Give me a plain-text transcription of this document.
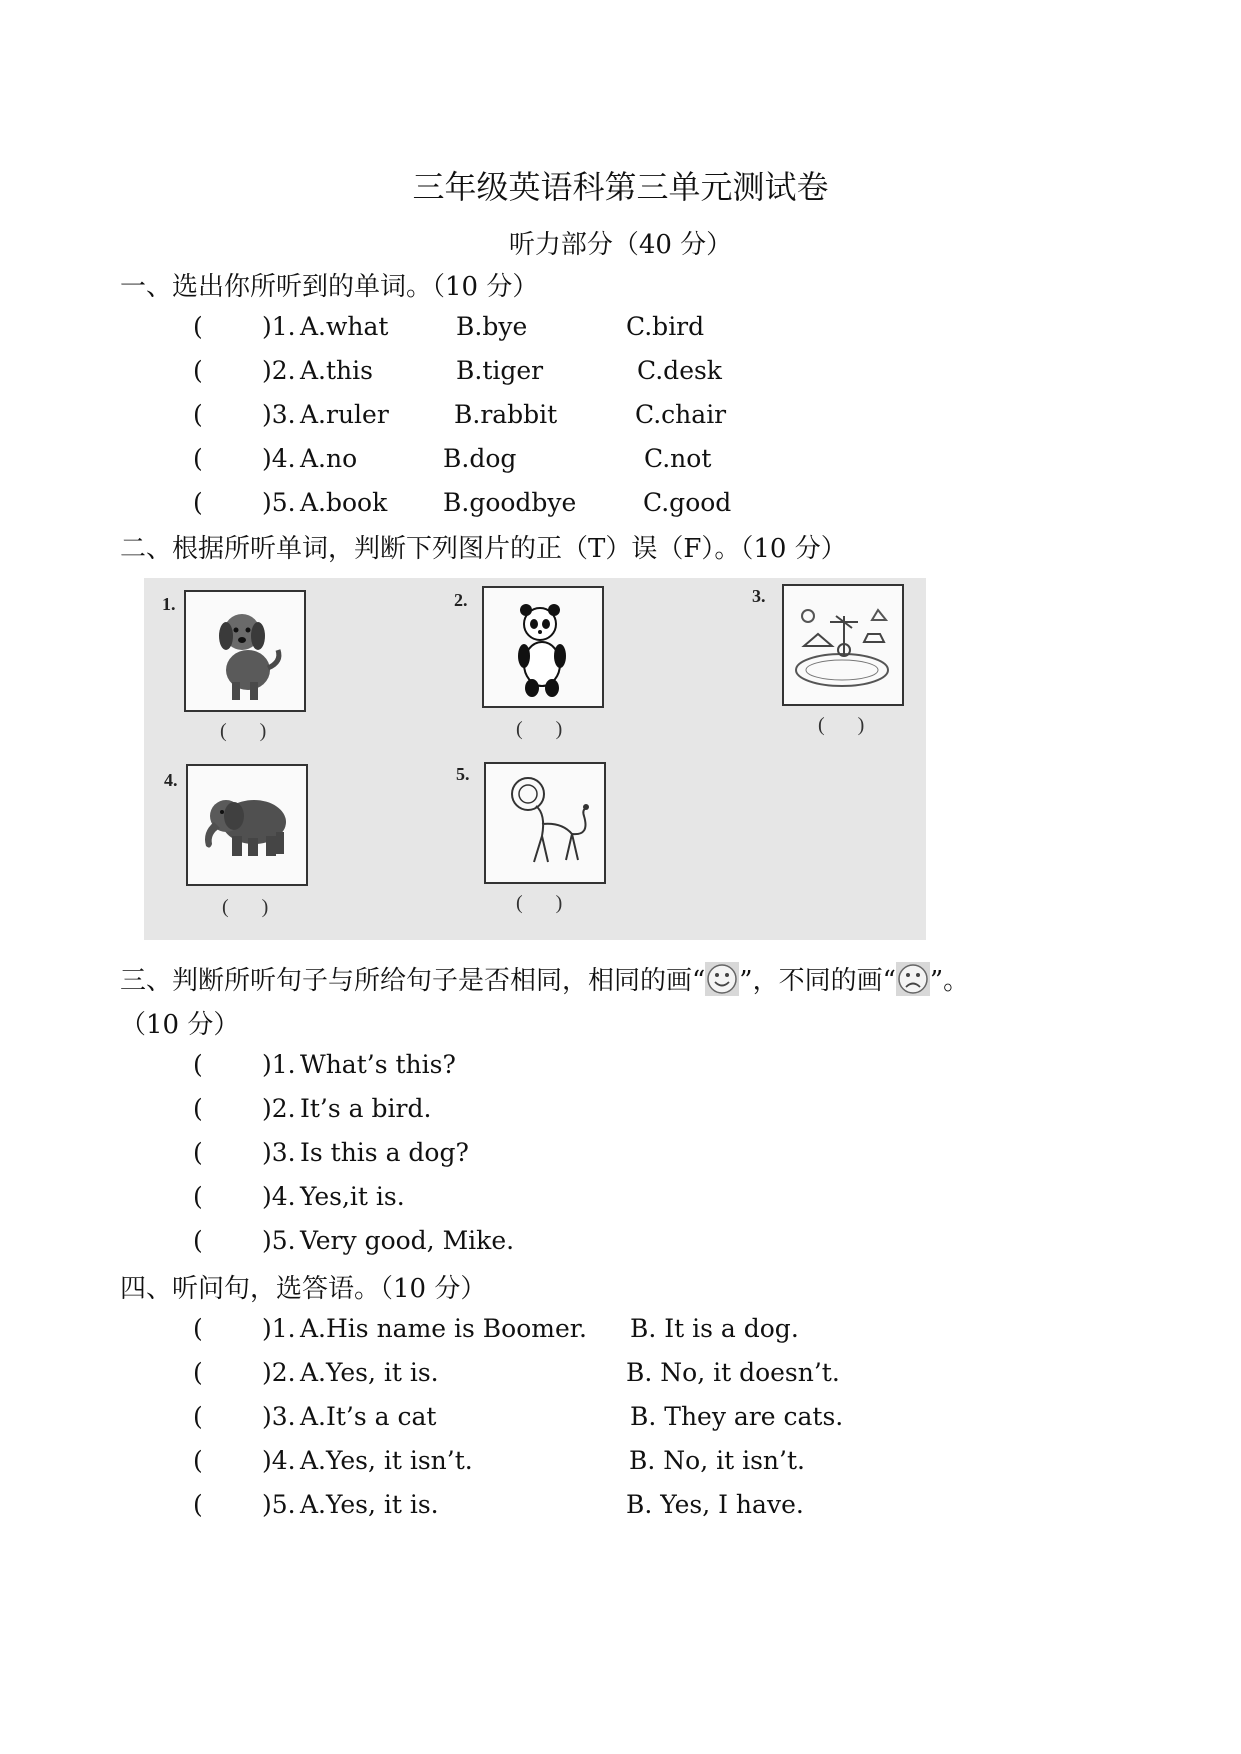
三年级英语科第三单元测试卷
听力部分（40 分）
一、选出你所听到的单词。（10 分）
( )1. A.what	B.bye	C.bird
( )2. A.this	B.tiger	C.desk
( )3. A.ruler	B.rabbit	C.chair
( )4. A.no	B.dog	C.not
( )5. A.book B.goodbye	C.good
二、根据所听单词，判断下列图片的正（T）误（F）。（10 分）
1.
( )
2.
( )
3.
( )
4.
( )
5.
( )
三、判断所听句子与所给句子是否相同，相同的画“ ”，不同的画“ ”。
（10 分）
( )1. What’s this?
( )2. It’s a bird.
( )3. Is this a dog?
( )4. Yes,it is.
( )5. Very good, Mike.
四、听问句，选答语。（10 分）
( )1. A.His name is Boomer. B. It is a dog.
( )2. A.Yes, it is.	B. No, it doesn’t.
( )3. A.It’s a cat	B. They are cats.
( )4. A.Yes, it isn’t.	B. No, it isn’t.
( )5. A.Yes, it is.	B. Yes, I have.
